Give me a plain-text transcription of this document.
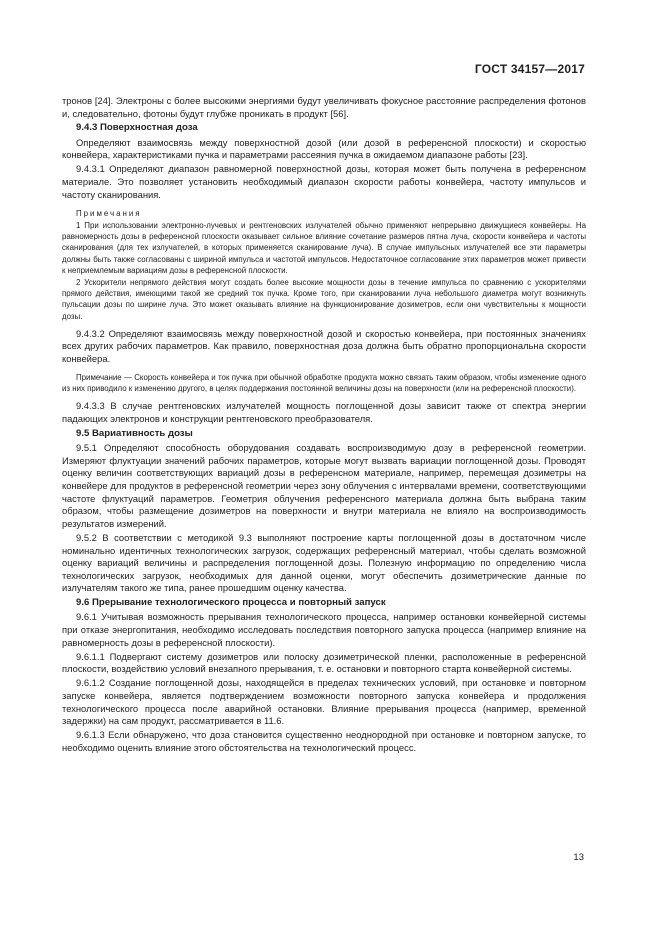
ГОСТ 34157—2017

тронов [24]. Электроны с более высокими энергиями будут увеличивать фокусное расстояние распределения фотонов и, следовательно, фотоны будут глубже проникать в продукт [56].

9.4.3 Поверхностная доза

Определяют взаимосвязь между поверхностной дозой (или дозой в референсной плоскости) и скоростью конвейера, характеристиками пучка и параметрами рассеяния пучка в ожидаемом диапазоне работы [23].

9.4.3.1 Определяют диапазон равномерной поверхностной дозы, которая может быть получена в референсном материале. Это позволяет установить необходимый диапазон скорости работы конвейера, частоту импульсов и частоту сканирования.

Примечания

1 При использовании электронно-лучевых и рентгеновских излучателей обычно применяют непрерывно движущиеся конвейеры. На равномерность дозы в референсной плоскости оказывает сильное влияние сочетание размеров пятна луча, скорости конвейера и частоты сканирования (для тех излучателей, в которых применяется сканирование луча). В случае импульсных излучателей все эти параметры должны быть также согласованы с шириной импульса и частотой импульсов. Недостаточное согласование этих параметров может привести к неприемлемым вариациям дозы в референсной плоскости.

2 Ускорители непрямого действия могут создать более высокие мощности дозы в течение импульса по сравнению с ускорителями прямого действия, имеющими такой же средний ток пучка. Кроме того, при сканировании луча небольшого диаметра могут возникнуть пульсации дозы по ширине луча. Это может оказывать влияние на функционирование дозиметров, если они чувствительны к мощности дозы.

9.4.3.2 Определяют взаимосвязь между поверхностной дозой и скоростью конвейера, при постоянных значениях всех других рабочих параметров. Как правило, поверхностная доза должна быть обратно пропорциональна скорости конвейера.

Примечание — Скорость конвейера и ток пучка при обычной обработке продукта можно связать таким образом, чтобы изменение одного из них приводило к изменению другого, в целях поддержания постоянной величины дозы на поверхности (или на референсной плоскости).

9.4.3.3 В случае рентгеновских излучателей мощность поглощенной дозы зависит также от спектра энергии падающих электронов и конструкции рентгеновского преобразователя.

9.5 Вариативность дозы

9.5.1 Определяют способность оборудования создавать воспроизводимую дозу в референсной геометрии. Измеряют флуктуации значений рабочих параметров, которые могут вызвать вариации поглощенной дозы. Проводят оценку величин соответствующих вариаций дозы в референсном материале, например, перемещая дозиметры на конвейере для продуктов в референсной геометрии через зону облучения с интервалами времени, соответствующими частоте флуктуаций параметров. Геометрия облучения референсного материала должна быть выбрана таким образом, чтобы размещение дозиметров на поверхности и внутри материала не влияло на воспроизводимость результатов измерений.

9.5.2 В соответствии с методикой 9.3 выполняют построение карты поглощенной дозы в достаточном числе номинально идентичных технологических загрузок, содержащих референсный материал, чтобы сделать возможной оценку вариаций величины и распределения поглощенной дозы. Полезную информацию по определению числа технологических загрузок, необходимых для данной оценки, могут обеспечить дозиметрические данные по излучателям такого же типа, ранее прошедшим оценку качества.

9.6 Прерывание технологического процесса и повторный запуск

9.6.1 Учитывая возможность прерывания технологического процесса, например остановки конвейерной системы при отказе энергопитания, необходимо исследовать последствия повторного запуска процесса (например влияние на равномерность дозы в референсной плоскости).

9.6.1.1 Подвергают систему дозиметров или полоску дозиметрической пленки, расположенные в референсной плоскости, воздействию условий внезапного прерывания, т. е. остановки и повторного старта конвейерной системы.

9.6.1.2 Создание поглощенной дозы, находящейся в пределах технических условий, при остановке и повторном запуске конвейера, является подтверждением возможности повторного запуска конвейера и продолжения технологического процесса после аварийной остановки. Влияние прерывания процесса (например, временной задержки) на сам продукт, рассматривается в 11.6.

9.6.1.3 Если обнаружено, что доза становится существенно неоднородной при остановке и повторном запуске, то необходимо оценить влияние этого обстоятельства на технологический процесс.

13
